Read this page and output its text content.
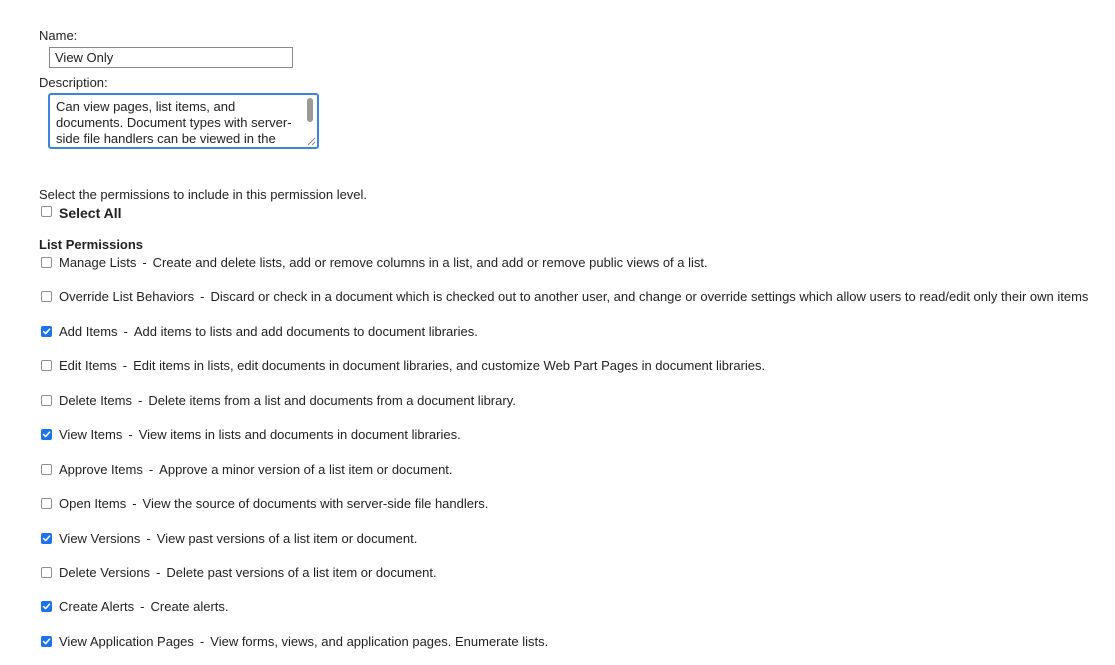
Name:
View Only
Description:
Can view pages, list items, and documents. Document types with server-side file handlers can be viewed in the
Select the permissions to include in this permission level.
Select All
List Permissions
Manage Lists - Create and delete lists, add or remove columns in a list, and add or remove public views of a list.
Override List Behaviors - Discard or check in a document which is checked out to another user, and change or override settings which allow users to read/edit only their own items
Add Items - Add items to lists and add documents to document libraries.
Edit Items - Edit items in lists, edit documents in document libraries, and customize Web Part Pages in document libraries.
Delete Items - Delete items from a list and documents from a document library.
View Items - View items in lists and documents in document libraries.
Approve Items - Approve a minor version of a list item or document.
Open Items - View the source of documents with server-side file handlers.
View Versions - View past versions of a list item or document.
Delete Versions - Delete past versions of a list item or document.
Create Alerts - Create alerts.
View Application Pages - View forms, views, and application pages. Enumerate lists.
